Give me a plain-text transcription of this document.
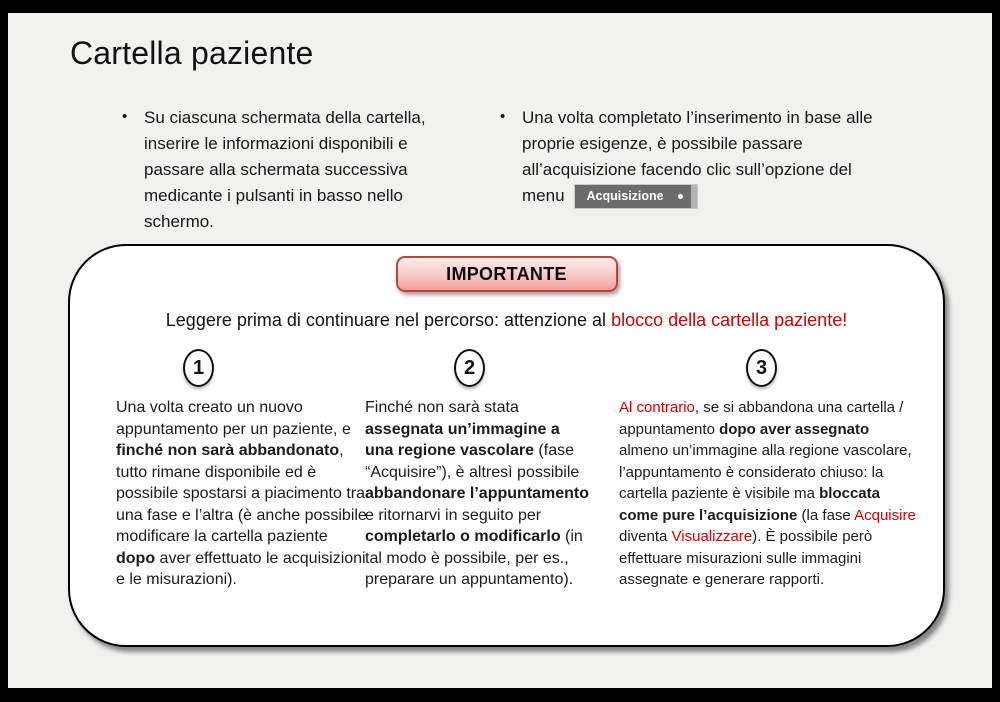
Cartella paziente
• Su ciascuna schermata della cartella, inserire le informazioni disponibili e passare alla schermata successiva medicante i pulsanti in basso nello schermo.
• Una volta completato l’inserimento in base alle proprie esigenze, è possibile passare all’acquisizione facendo clic sull’opzione del menu Acquisizione
IMPORTANTE
Leggere prima di continuare nel percorso: attenzione al blocco della cartella paziente!
1	2	3
Una volta creato un nuovo appuntamento per un paziente, e finché non sarà abbandonato, tutto rimane disponibile ed è possibile spostarsi a piacimento tra una fase e l’altra (è anche possibile modificare la cartella paziente dopo aver effettuato le acquisizioni e le misurazioni).
Finché non sarà stata assegnata un’immagine a una regione vascolare (fase “Acquisire”), è altresì possibile abbandonare l’appuntamento e ritornarvi in seguito per completarlo o modificarlo (in tal modo è possibile, per es., preparare un appuntamento).
Al contrario, se si abbandona una cartella / appuntamento dopo aver assegnato almeno un’immagine alla regione vascolare, l’appuntamento è considerato chiuso: la cartella paziente è visibile ma bloccata come pure l’acquisizione (la fase Acquisire diventa Visualizzare). È possibile però effettuare misurazioni sulle immagini assegnate e generare rapporti.
